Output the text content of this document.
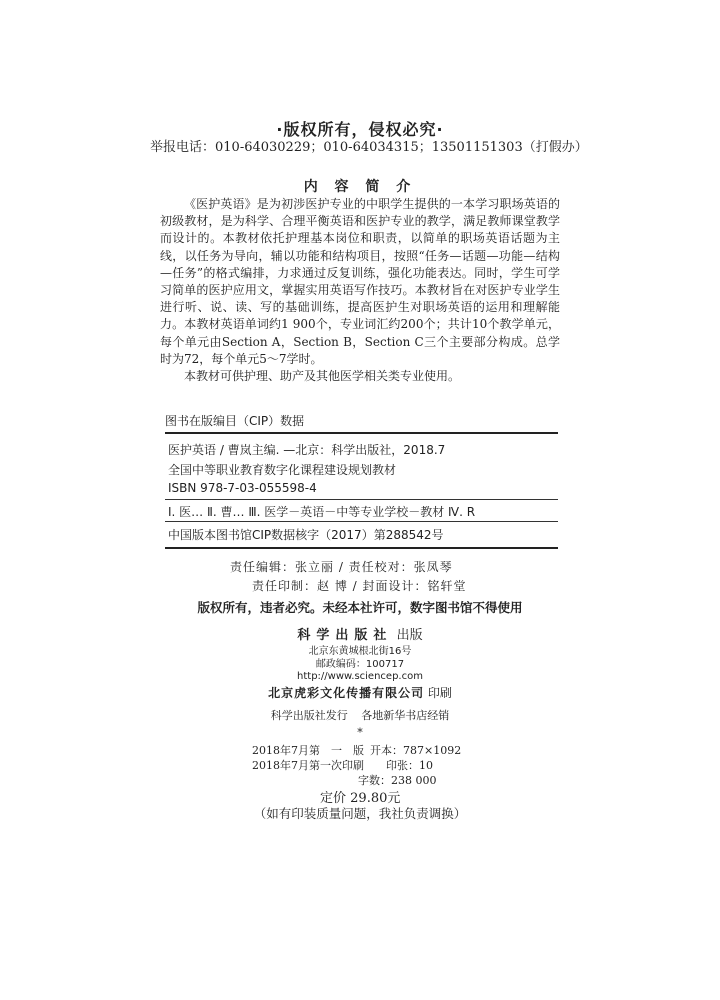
·版权所有，侵权必究·
举报电话：010-64030229；010-64034315；13501151303（打假办）
内 容 简 介

《医护英语》是为初涉医护专业的中职学生提供的一本学习职场英语的初级教材，是为科学、合理平衡英语和医护专业的教学，满足教师课堂教学而设计的。本教材依托护理基本岗位和职责，以简单的职场英语话题为主线，以任务为导向，辅以功能和结构项目，按照“任务—话题—功能—结构—任务”的格式编排，力求通过反复训练，强化功能表达。同时，学生可学习简单的医护应用文，掌握实用英语写作技巧。本教材旨在对医护专业学生进行听、说、读、写的基础训练，提高医护生对职场英语的运用和理解能力。本教材英语单词约1 900个，专业词汇约200个；共计10个教学单元，每个单元由Section A，Section B，Section C三个主要部分构成。总学时为72，每个单元5～7学时。

本教材可供护理、助产及其他医学相关类专业使用。

图书在版编目（CIP）数据
医护英语 / 曹岚主编. —北京：科学出版社，2018.7
全国中等职业教育数字化课程建设规划教材
ISBN 978-7-03-055598-4
Ⅰ. 医… Ⅱ. 曹… Ⅲ. 医学－英语－中等专业学校－教材 Ⅳ. R
中国版本图书馆CIP数据核字（2017）第288542号
责任编辑：张立丽 / 责任校对：张凤琴
责任印制：赵 博 / 封面设计：铭轩堂
版权所有，违者必究。未经本社许可，数字图书馆不得使用
科学出版社 出版
北京东黄城根北街16号
邮政编码：100717
http://www.sciencep.com
北京虎彩文化传播有限公司 印刷
科学出版社发行 各地新华书店经销
*
2018年7月第　一　版 开本：787×1092
2018年7月第一次印刷 印张：10
字数：238 000
定价 29.80元
（如有印装质量问题，我社负责调换）
